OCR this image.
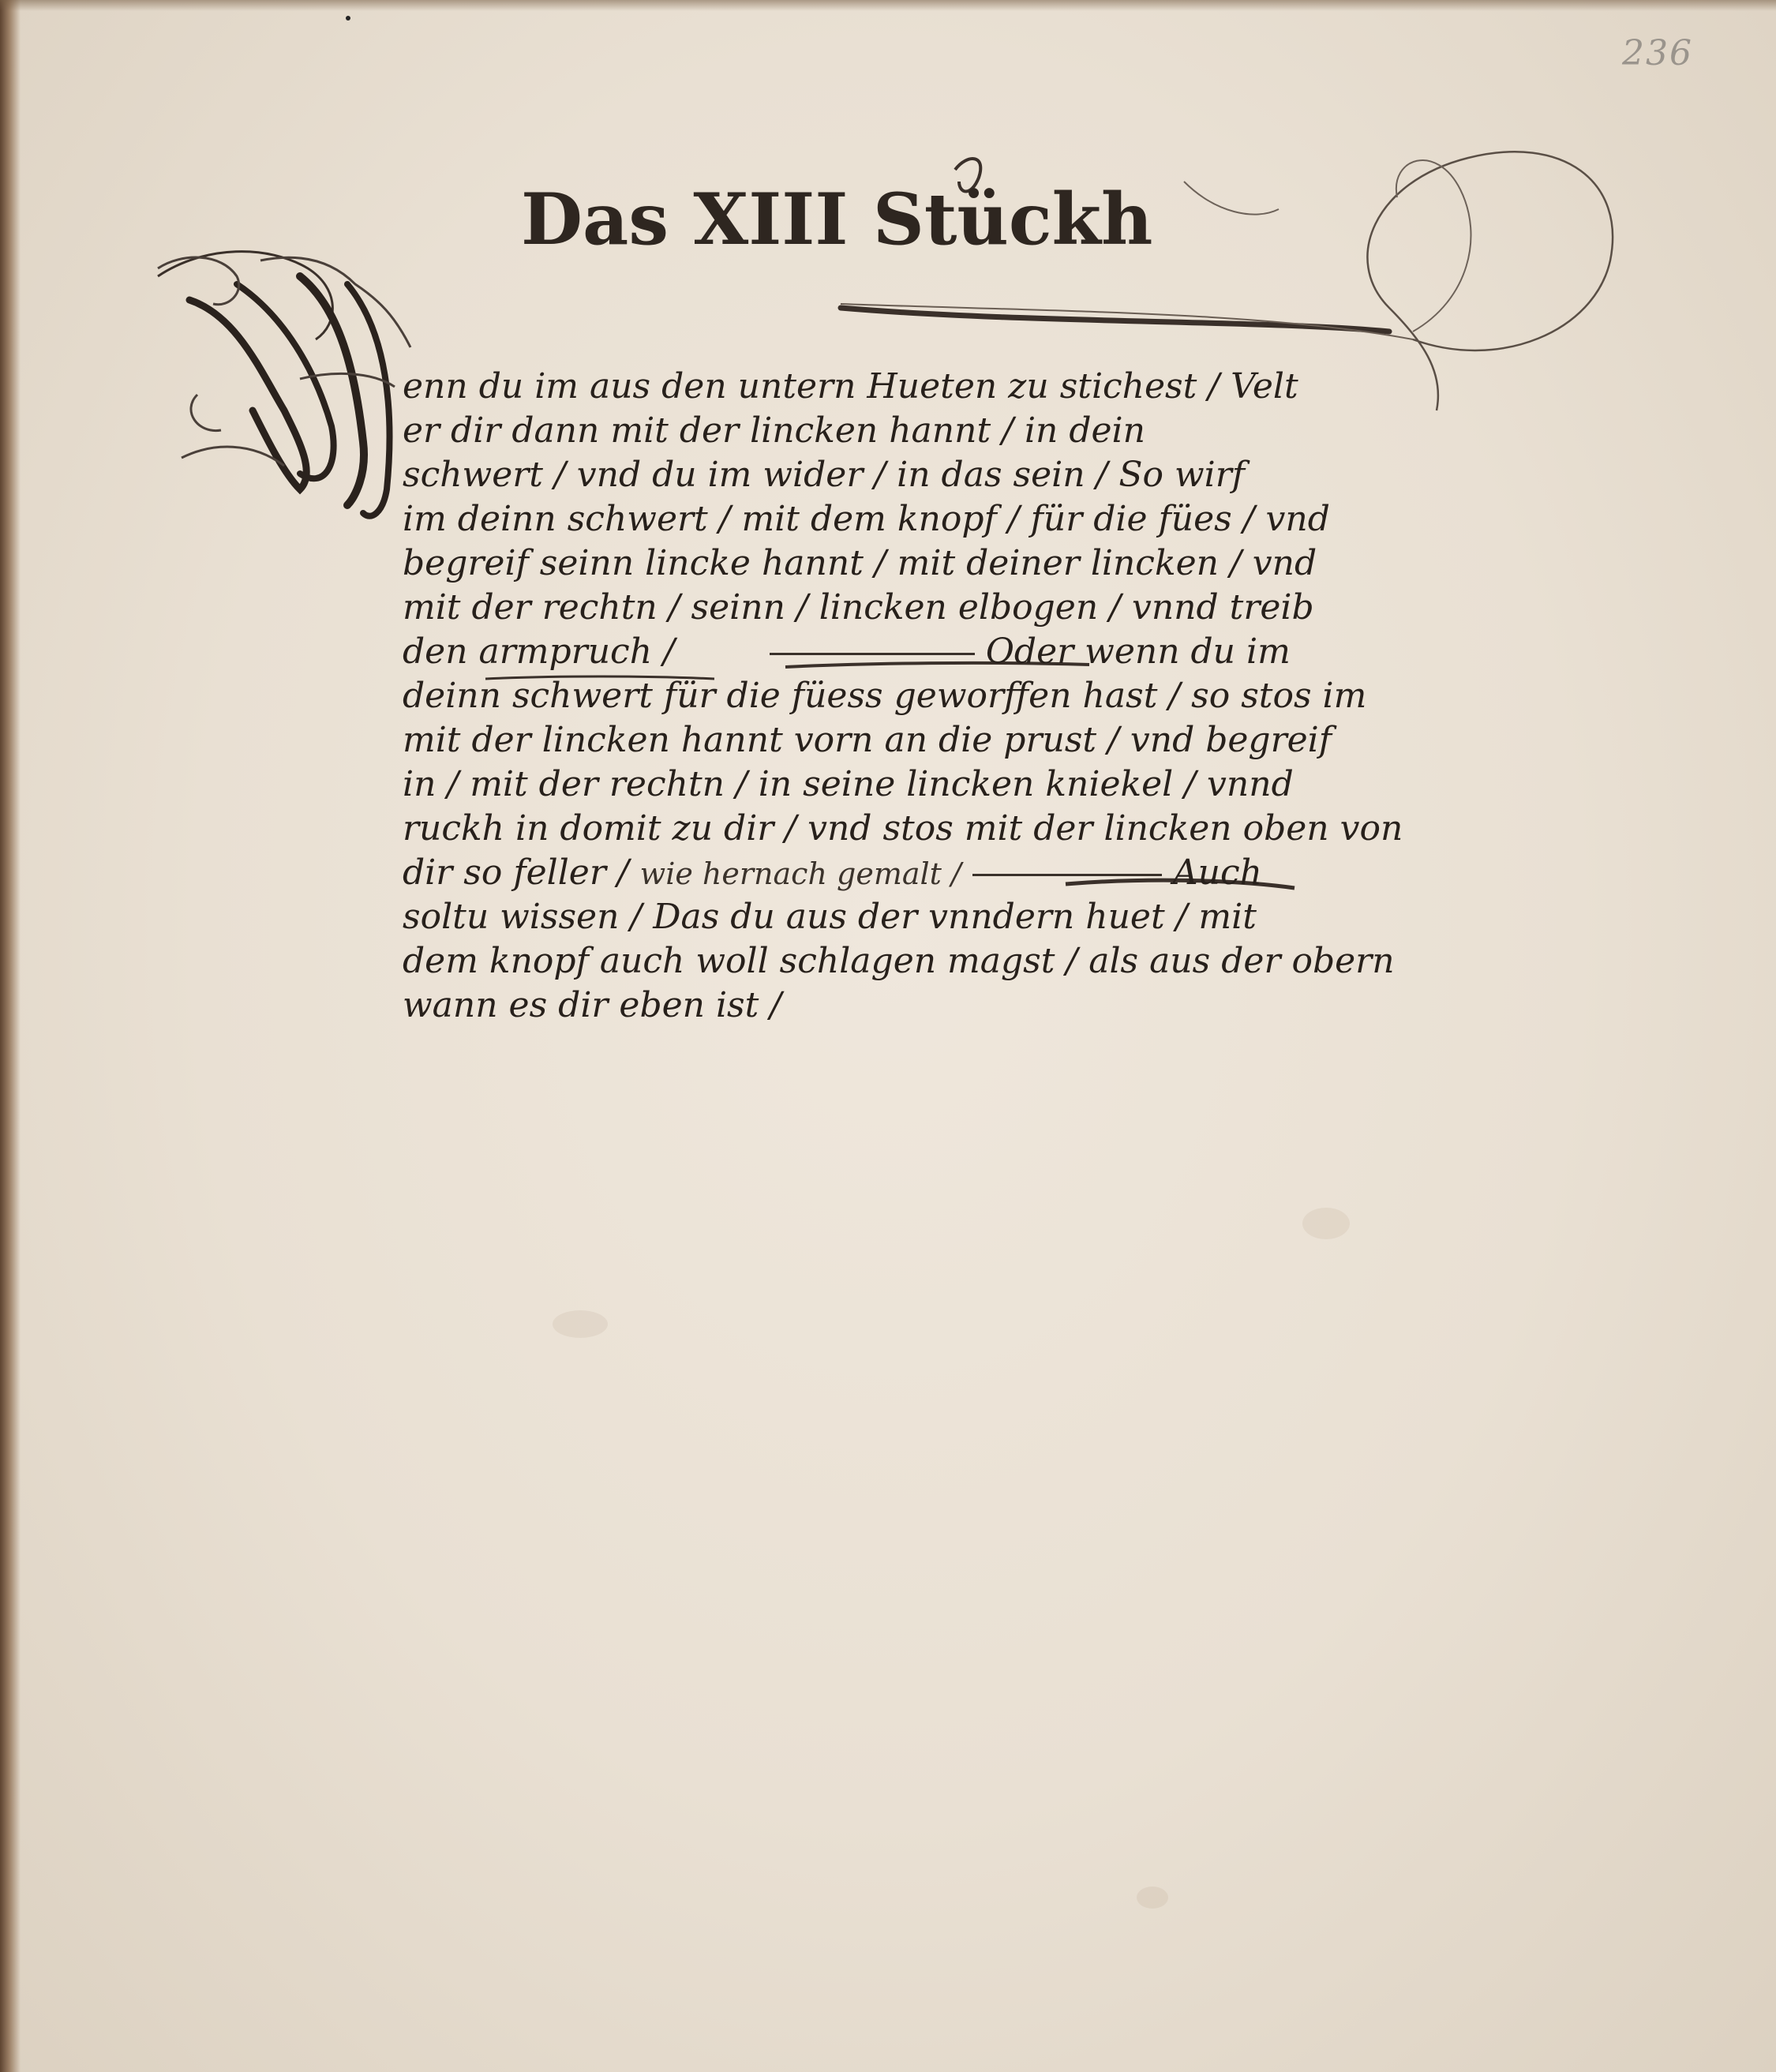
236
Das XIII Stückh
enn du im aus den untern Hueten zu stichest / Velt
er dir dann mit der lincken hannt / in dein
schwert / vnd du im wider / in das sein / So wirf
im deinn schwert / mit dem knopf / für die fües / vnd
begreif seinn lincke hannt / mit deiner lincken / vnd
mit der rechtn / seinn / lincken elbogen / vnnd treib
den armpruch /	Oder wenn du im
deinn schwert für die füess geworffen hast / so stos im
mit der lincken hannt vorn an die prust / vnd begreif
in / mit der rechtn / in seine lincken kniekel / vnnd
ruckh in domit zu dir / vnd stos mit der lincken oben von
dir so feller / wie hernach gemalt /	Auch
soltu wissen / Das du aus der vnndern huet / mit
dem knopf auch woll schlagen magst / als aus der obern
wann es dir eben ist /
